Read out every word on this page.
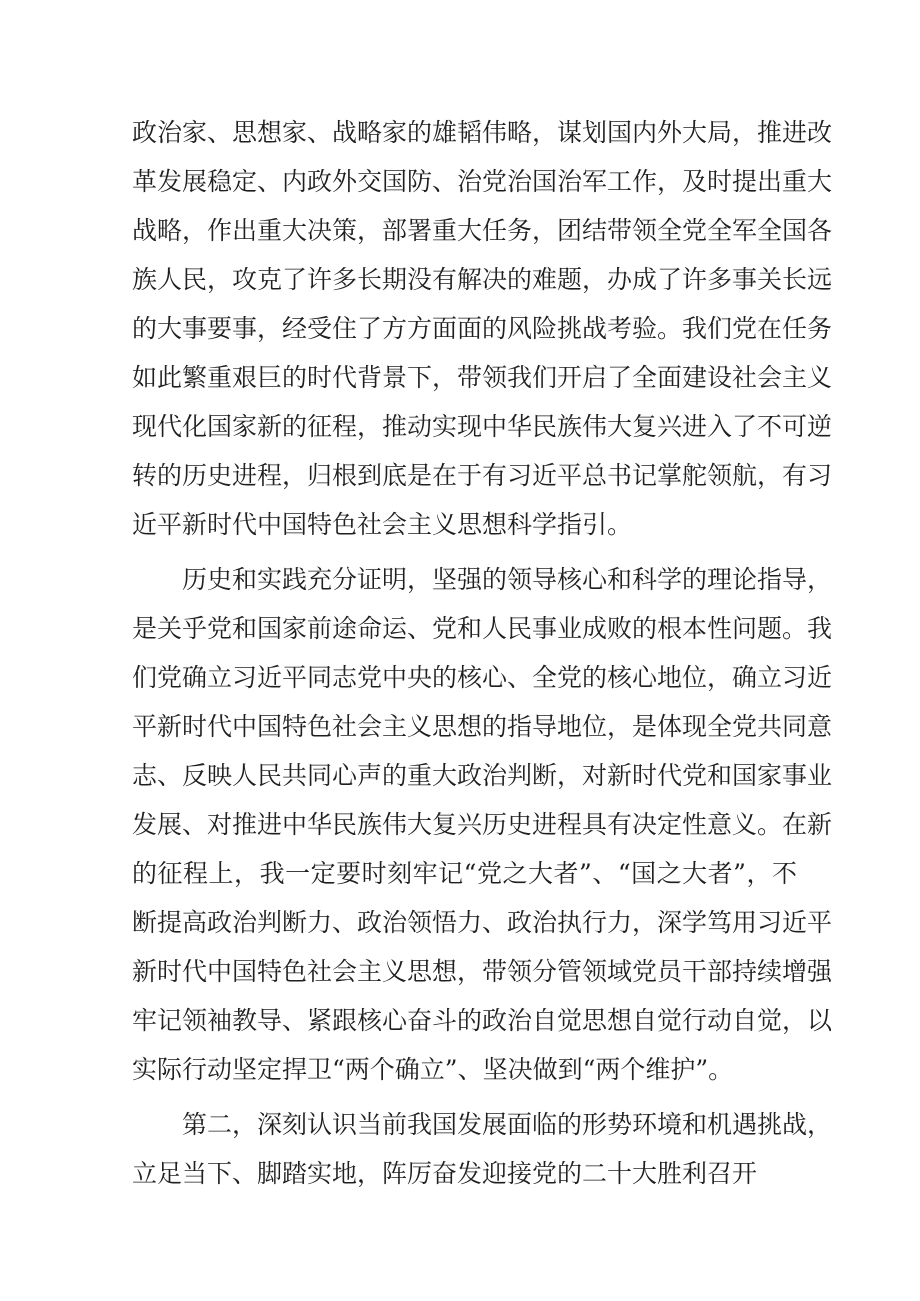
政治家、思想家、战略家的雄韬伟略，谋划国内外大局，推进改
革发展稳定、内政外交国防、治党治国治军工作，及时提出重大
战略，作出重大决策，部署重大任务，团结带领全党全军全国各
族人民，攻克了许多长期没有解决的难题，办成了许多事关长远
的大事要事，经受住了方方面面的风险挑战考验。我们党在任务
如此繁重艰巨的时代背景下，带领我们开启了全面建设社会主义
现代化国家新的征程，推动实现中华民族伟大复兴进入了不可逆
转的历史进程，归根到底是在于有习近平总书记掌舵领航，有习
近平新时代中国特色社会主义思想科学指引。
历史和实践充分证明，坚强的领导核心和科学的理论指导，
是关乎党和国家前途命运、党和人民事业成败的根本性问题。我
们党确立习近平同志党中央的核心、全党的核心地位，确立习近
平新时代中国特色社会主义思想的指导地位，是体现全党共同意
志、反映人民共同心声的重大政治判断，对新时代党和国家事业
发展、对推进中华民族伟大复兴历史进程具有决定性意义。在新
的征程上，我一定要时刻牢记“党之大者”、“国之大者”，不
断提高政治判断力、政治领悟力、政治执行力，深学笃用习近平
新时代中国特色社会主义思想，带领分管领域党员干部持续增强
牢记领袖教导、紧跟核心奋斗的政治自觉思想自觉行动自觉，以
实际行动坚定捍卫“两个确立”、坚决做到“两个维护”。
第二，深刻认识当前我国发展面临的形势环境和机遇挑战，
立足当下、脚踏实地，阵厉奋发迎接党的二十大胜利召开
